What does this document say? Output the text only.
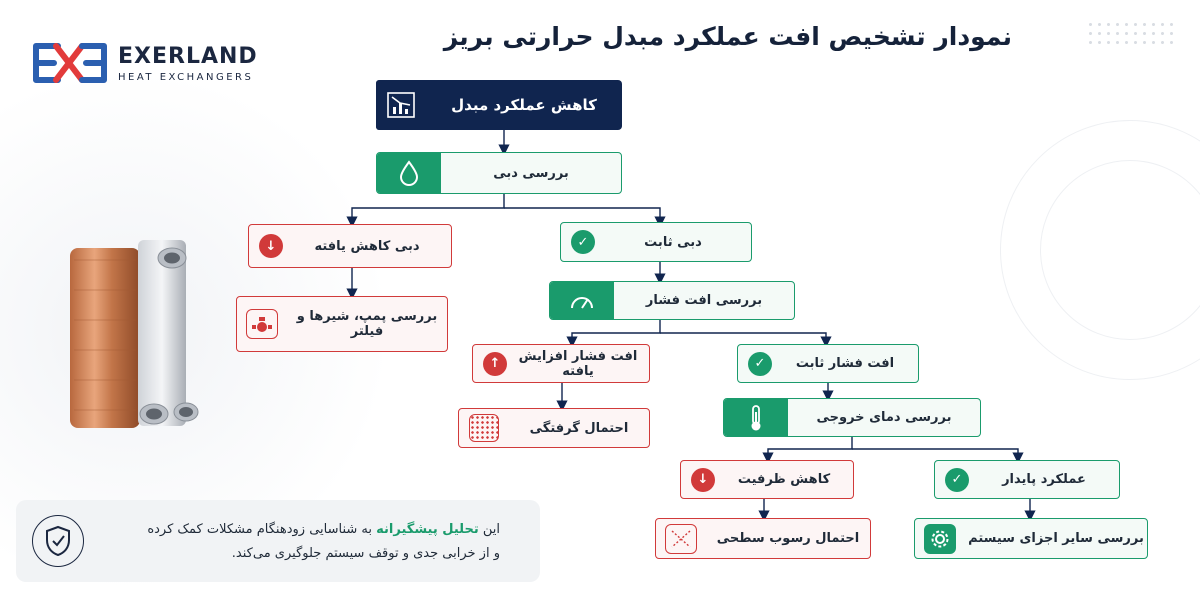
EXERLAND
HEAT EXCHANGERS
نمودار تشخیص افت عملکرد مبدل حرارتی بریز
کاهش عملکرد مبدل
بررسی دبی
↓	دبی کاهش یافته	✓	دبی ثابت
بررسی پمپ، شیرها و فیلتر
بررسی افت فشار
↑	افت فشار افزایش یافته	✓	افت فشار ثابت
احتمال گرفتگی
بررسی دمای خروجی
↓	کاهش ظرفیت	✓	عملکرد پایدار
احتمال رسوب سطحی	بررسی سایر اجزای سیستم
این تحلیل پیشگیرانه به شناسایی زودهنگام مشکلات کمک کرده
و از خرابی جدی و توقف سیستم جلوگیری می‌کند.
